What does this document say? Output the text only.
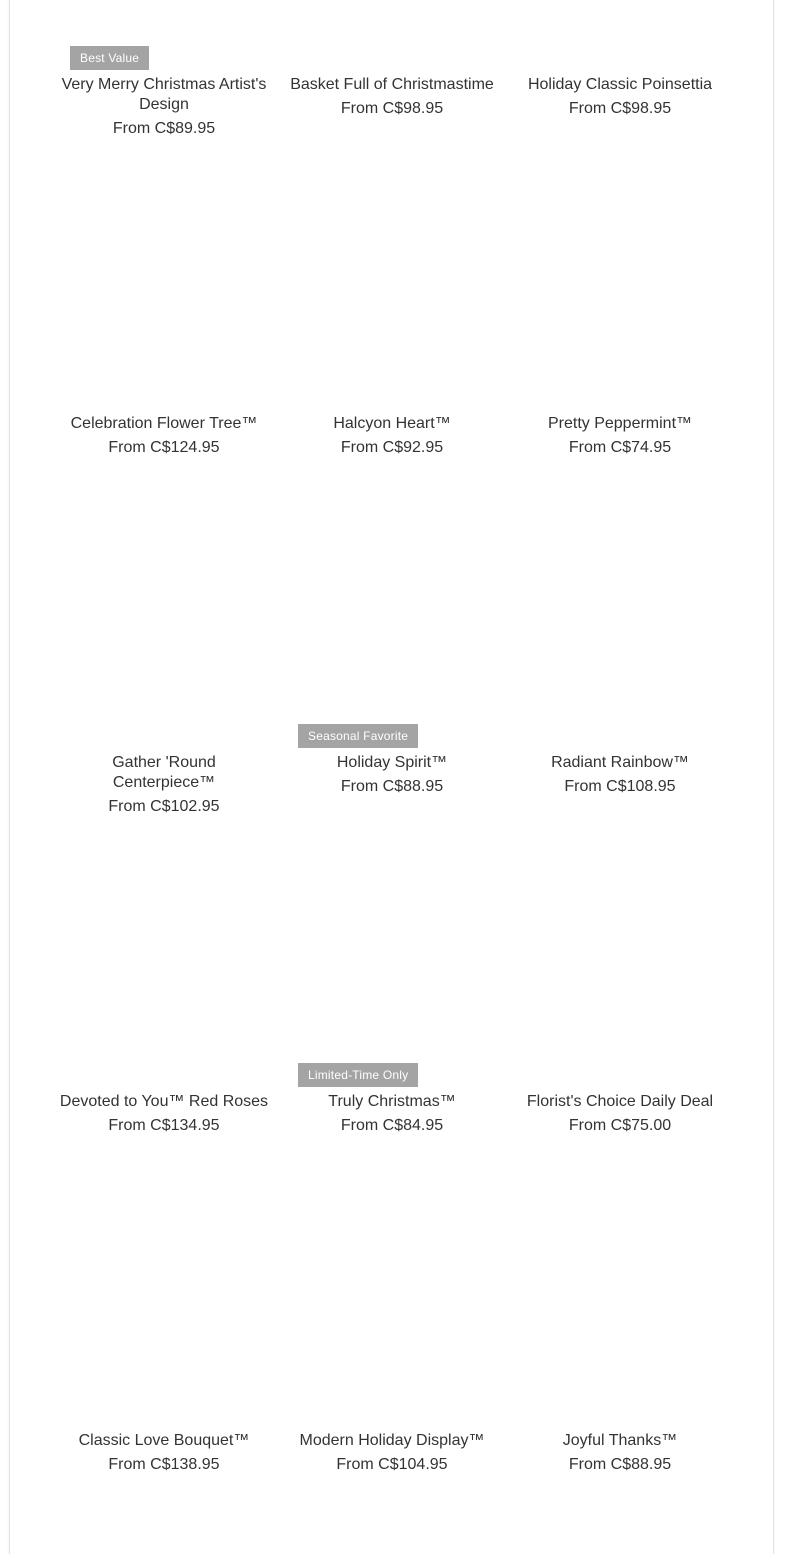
Best Value
Very Merry Christmas Artist's Design
From C$89.95
Basket Full of Christmastime
From C$98.95
Holiday Classic Poinsettia
From C$98.95
Celebration Flower Tree™
From C$124.95
Halcyon Heart™
From C$92.95
Pretty Peppermint™
From C$74.95
Gather 'Round Centerpiece™
From C$102.95
Seasonal Favorite
Holiday Spirit™
From C$88.95
Radiant Rainbow™
From C$108.95
Devoted to You™ Red Roses
From C$134.95
Limited-Time Only
Truly Christmas™
From C$84.95
Florist's Choice Daily Deal
From C$75.00
Classic Love Bouquet™
From C$138.95
Modern Holiday Display™
From C$104.95
Joyful Thanks™
From C$88.95
